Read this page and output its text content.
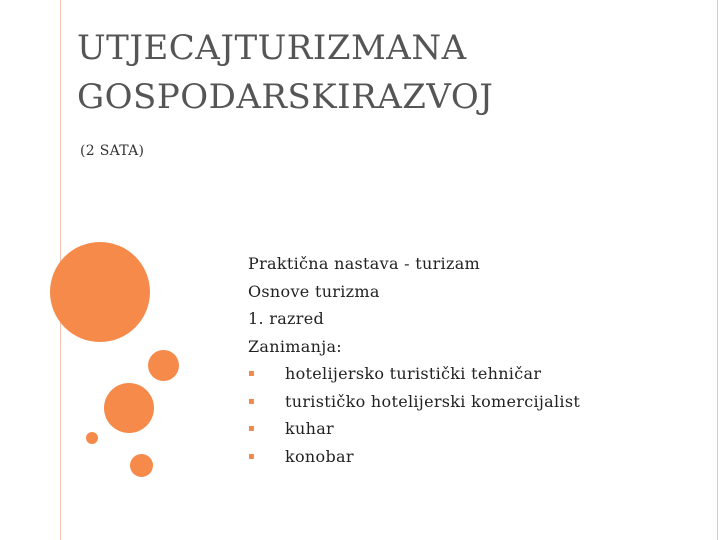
UTJECAJTURIZMANA
GOSPODARSKIRAZVOJ
(2 SATA)
Praktična nastava - turizam
Osnove turizma
1. razred
Zanimanja:
▪	hotelijersko turistički tehničar
▪	turističko hotelijerski komercijalist
▪	kuhar
▪	konobar
